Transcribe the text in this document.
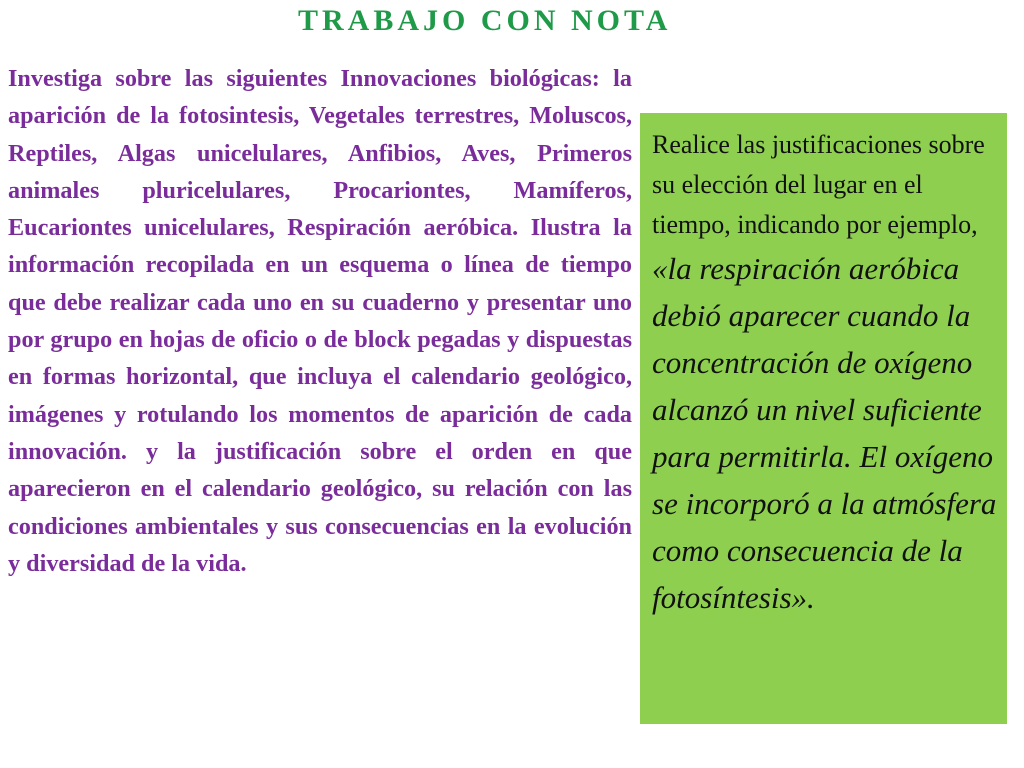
TRABAJO CON NOTA

Investiga sobre las siguientes Innovaciones biológicas: la aparición de la fotosintesis, Vegetales terrestres, Moluscos, Reptiles, Algas unicelulares, Anfibios, Aves, Primeros animales pluricelulares, Procariontes, Mamíferos, Eucariontes unicelulares, Respiración aeróbica. Ilustra la información recopilada en un esquema o línea de tiempo que debe realizar cada uno en su cuaderno y presentar uno por grupo en hojas de oficio o de block pegadas y dispuestas en formas horizontal, que incluya el calendario geológico, imágenes y rotulando los momentos de aparición de cada innovación. y la justificación sobre el orden en que aparecieron en el calendario geológico, su relación con las condiciones ambientales y sus consecuencias en la evolución y diversidad de la vida.

Realice las justificaciones sobre su elección del lugar en el tiempo, indicando por ejemplo,

«la respiración aeróbica debió aparecer cuando la concentración de oxígeno alcanzó un nivel suficiente para permitirla. El oxígeno se incorporó a la atmósfera como consecuencia de la fotosíntesis».
